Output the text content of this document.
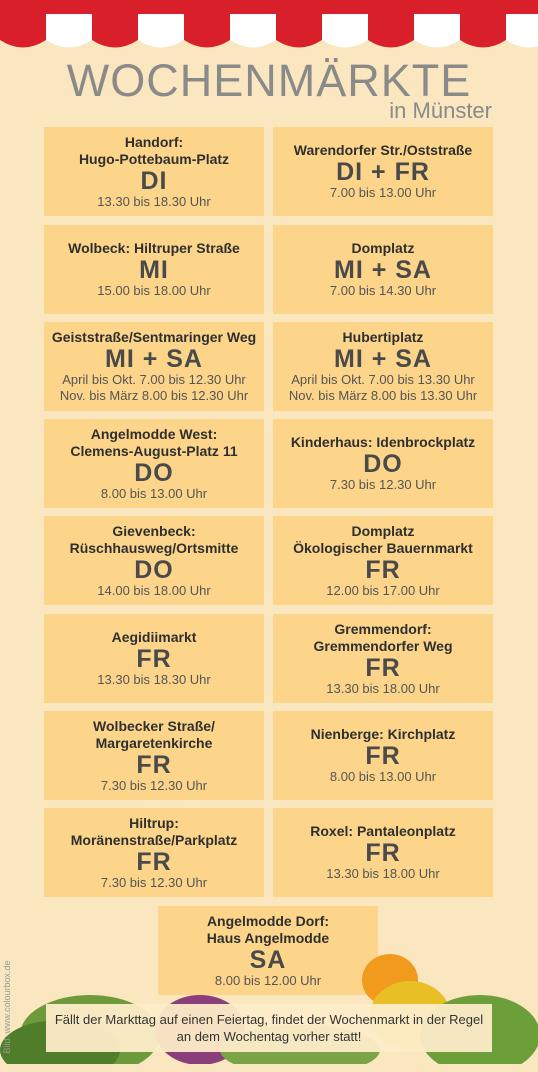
WOCHENMÄRKTE
in Münster
Handorf:
Hugo-Pottebaum-Platz
DI
13.30 bis 18.30 Uhr
Warendorfer Str./Oststraße
DI + FR
7.00 bis 13.00 Uhr
Wolbeck: Hiltruper Straße
MI
15.00 bis 18.00 Uhr
Domplatz
MI + SA
7.00 bis 14.30 Uhr
Geiststraße/Sentmaringer Weg
MI + SA
April bis Okt. 7.00 bis 12.30 Uhr
Nov. bis März 8.00 bis 12.30 Uhr
Hubertiplatz
MI + SA
April bis Okt. 7.00 bis 13.30 Uhr
Nov. bis März 8.00 bis 13.30 Uhr
Angelmodde West:
Clemens-August-Platz 11
DO
8.00 bis 13.00 Uhr
Kinderhaus: Idenbrockplatz
DO
7.30 bis 12.30 Uhr
Gievenbeck:
Rüschhausweg/Ortsmitte
DO
14.00 bis 18.00 Uhr
Domplatz
Ökologischer Bauernmarkt
FR
12.00 bis 17.00 Uhr
Aegidiimarkt
FR
13.30 bis 18.30 Uhr
Gremmendorf:
Gremmendorfer Weg
FR
13.30 bis 18.00 Uhr
Wolbecker Straße/
Margaretenkirche
FR
7.30 bis 12.30 Uhr
Nienberge: Kirchplatz
FR
8.00 bis 13.00 Uhr
Hiltrup:
Moränenstraße/Parkplatz
FR
7.30 bis 12.30 Uhr
Roxel: Pantaleonplatz
FR
13.30 bis 18.00 Uhr
Angelmodde Dorf:
Haus Angelmodde
SA
8.00 bis 12.00 Uhr
Fällt der Markttag auf einen Feiertag, findet der Wochenmarkt in der Regel an dem Wochentag vorher statt!
Bild: www.colourbox.de
